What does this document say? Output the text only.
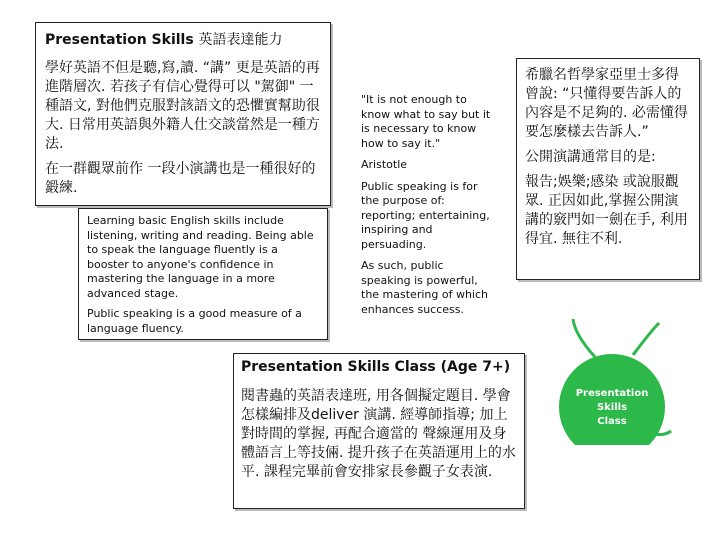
Presentation Skills 英語表達能力

學好英語不但是聽,寫,讀. “講” 更是英語的再進階層次. 若孩子有信心覺得可以 "駕御" 一種語文, 對他們克服對該語文的恐懼實幫助很大. 日常用英語與外籍人仕交談當然是一種方法.

在一群觀眾前作 一段小演講也是一種很好的鍛練.

Learning basic English skills include listening, writing and reading. Being able to speak the language fluently is a booster to anyone's confidence in mastering the language in a more advanced stage.

Public speaking is a good measure of a language fluency.

"It is not enough to know what to say but it is necessary to know how to say it."

Aristotle

Public speaking is for the purpose of: reporting; entertaining, inspiring and persuading.

As such, public speaking is powerful, the mastering of which enhances success.

希臘名哲學家亞里士多得曾說: “只懂得要告訴人的內容是不足夠的. 必需懂得要怎麼樣去告訴人.”

公開演講通常目的是:

報告;娛樂;感染 或說服觀眾. 正因如此,掌握公開演講的竅門如一劍在手, 利用得宜. 無往不利.

Presentation Skills Class (Age 7+)

閱書蟲的英語表達班, 用各個擬定題目. 學會怎樣編排及deliver 演講. 經導師指導; 加上對時間的掌握, 再配合適當的 聲線運用及身體語言上等技倆. 提升孩子在英語運用上的水平. 課程完畢前會安排家長參觀子女表演.

Presentation
Skills
Class
